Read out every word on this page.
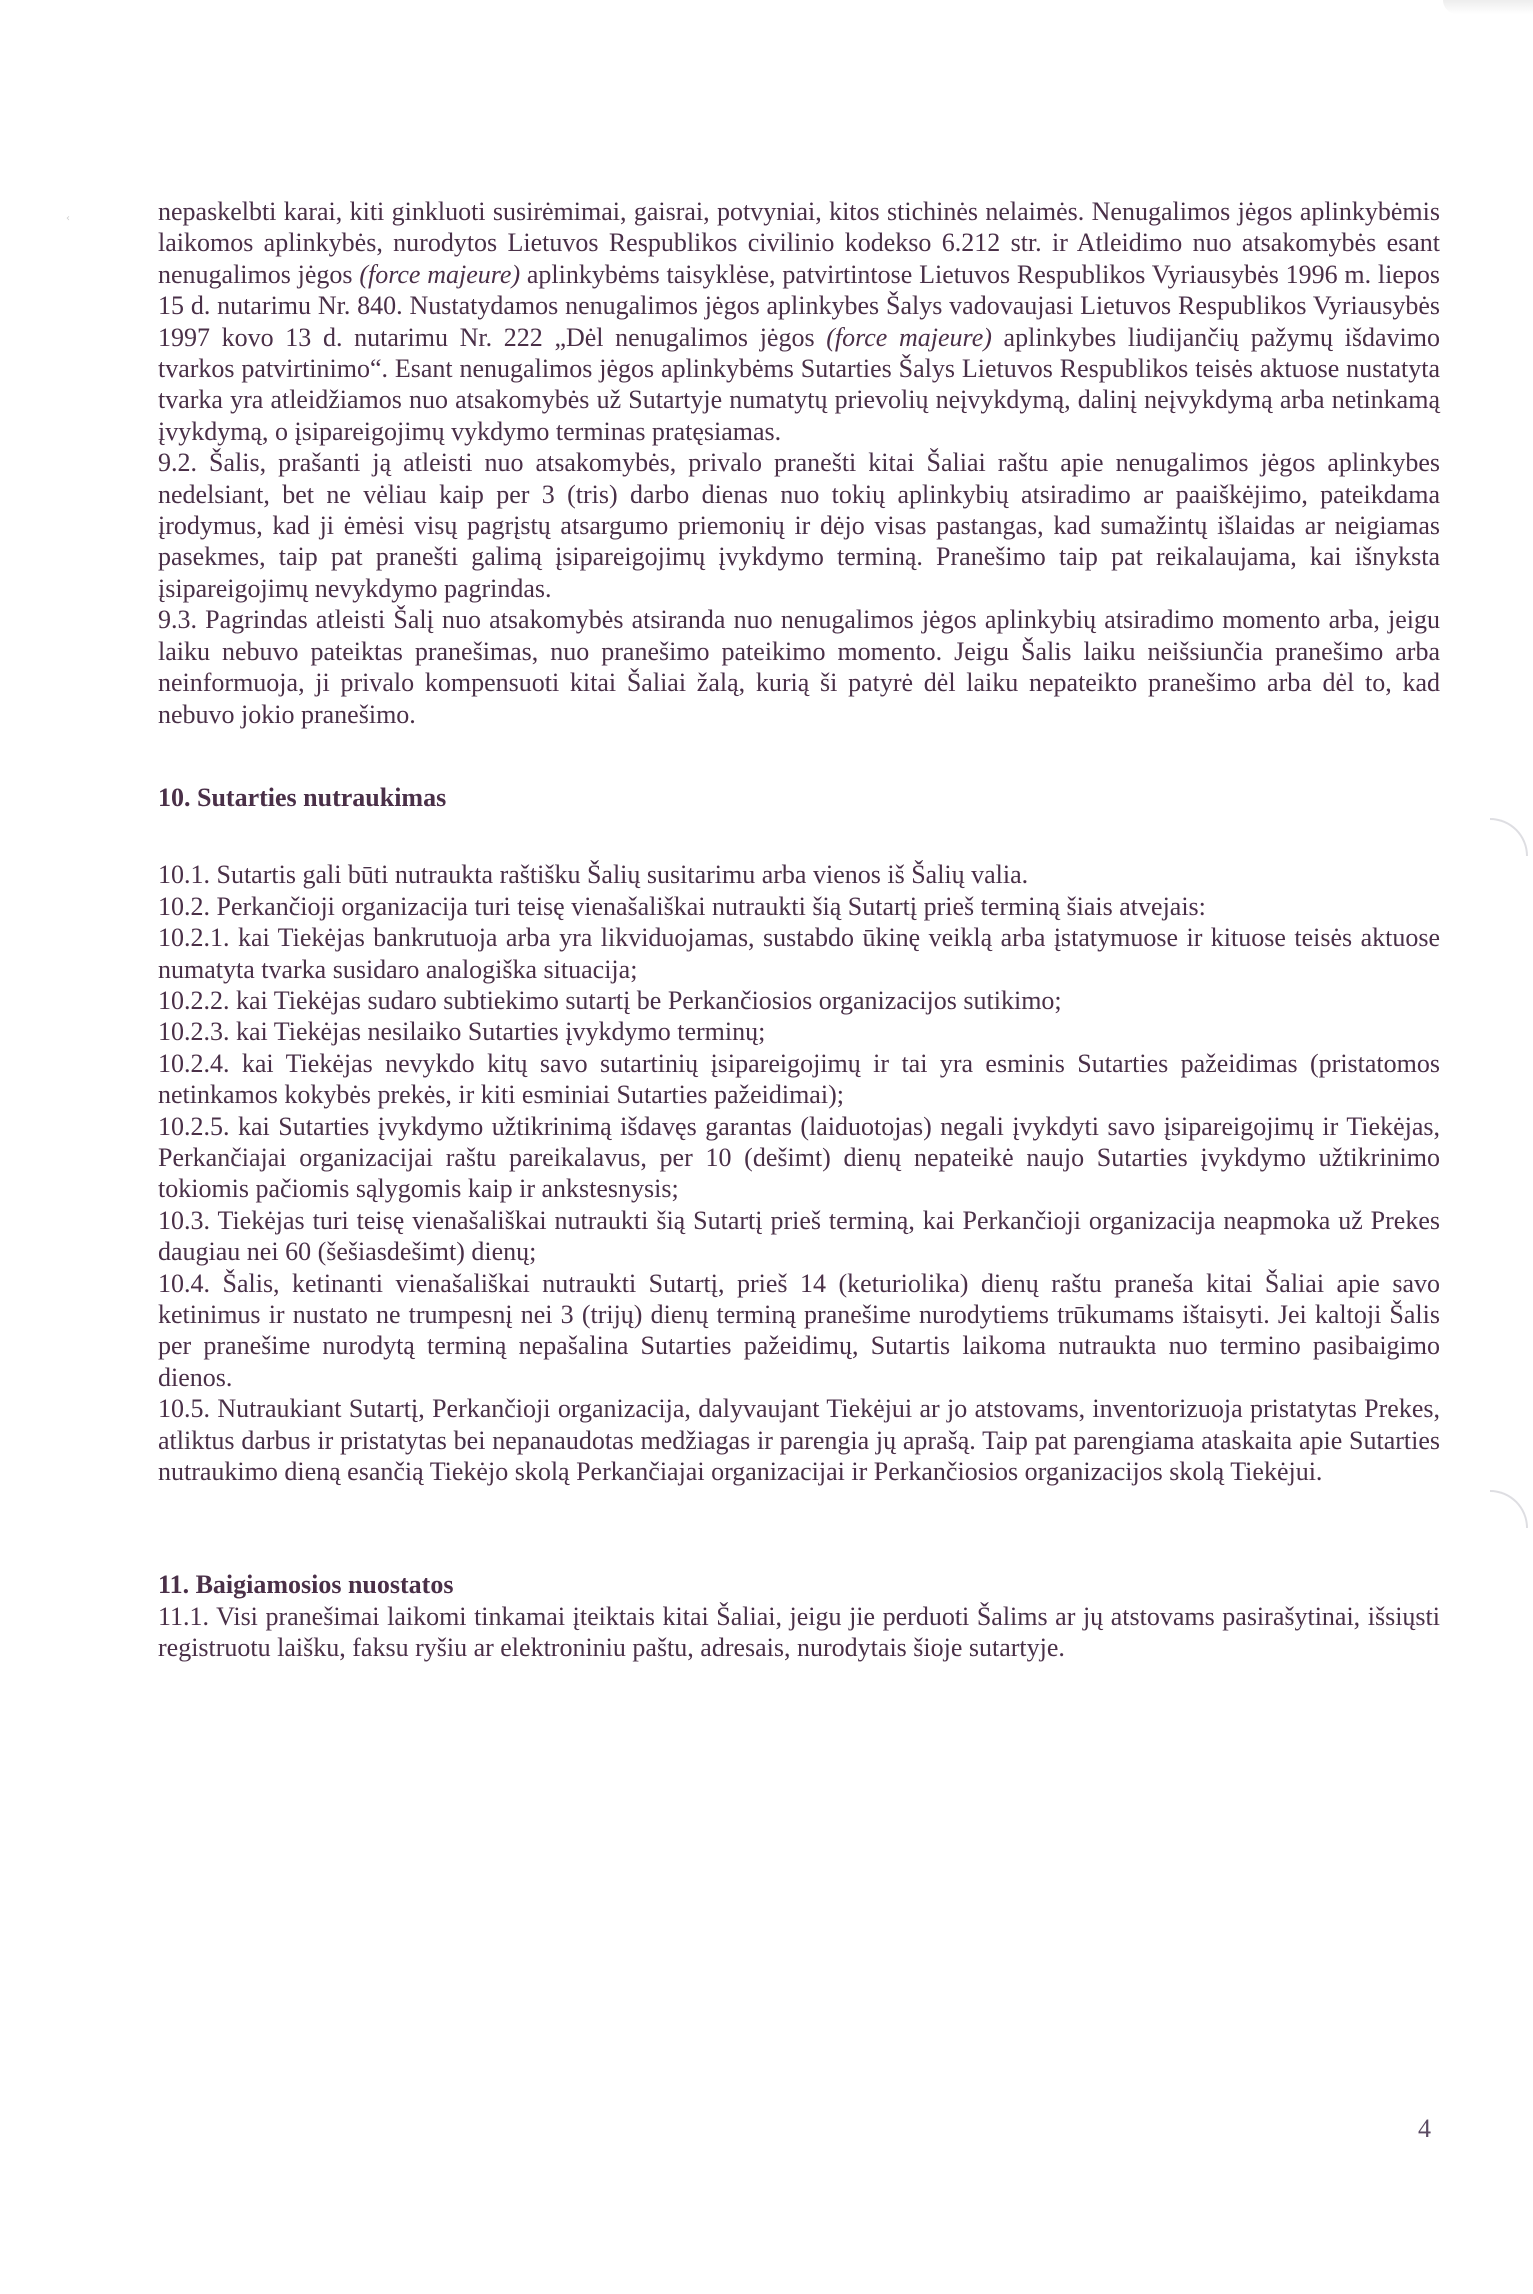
‹	nepaskelbti karai, kiti ginkluoti susirėmimai, gaisrai, potvyniai, kitos stichinės nelaimės. Nenugalimos jėgos aplinkybėmis laikomos aplinkybės, nurodytos Lietuvos Respublikos civilinio kodekso 6.212 str. ir Atleidimo nuo atsakomybės esant nenugalimos jėgos (force majeure) aplinkybėms taisyklėse, patvirtintose Lietuvos Respublikos Vyriausybės 1996 m. liepos 15 d. nutarimu Nr. 840. Nustatydamos nenugalimos jėgos aplinkybes Šalys vadovaujasi Lietuvos Respublikos Vyriausybės 1997 kovo 13 d. nutarimu Nr. 222 „Dėl nenugalimos jėgos (force majeure) aplinkybes liudijančių pažymų išdavimo tvarkos patvirtinimo“. Esant nenugalimos jėgos aplinkybėms Sutarties Šalys Lietuvos Respublikos teisės aktuose nustatyta tvarka yra atleidžiamos nuo atsakomybės už Sutartyje numatytų prievolių neįvykdymą, dalinį neįvykdymą arba netinkamą įvykdymą, o įsipareigojimų vykdymo terminas pratęsiamas.

9.2. Šalis, prašanti ją atleisti nuo atsakomybės, privalo pranešti kitai Šaliai raštu apie nenugalimos jėgos aplinkybes nedelsiant, bet ne vėliau kaip per 3 (tris) darbo dienas nuo tokių aplinkybių atsiradimo ar paaiškėjimo, pateikdama įrodymus, kad ji ėmėsi visų pagrįstų atsargumo priemonių ir dėjo visas pastangas, kad sumažintų išlaidas ar neigiamas pasekmes, taip pat pranešti galimą įsipareigojimų įvykdymo terminą. Pranešimo taip pat reikalaujama, kai išnyksta įsipareigojimų nevykdymo pagrindas.

9.3. Pagrindas atleisti Šalį nuo atsakomybės atsiranda nuo nenugalimos jėgos aplinkybių atsiradimo momento arba, jeigu laiku nebuvo pateiktas pranešimas, nuo pranešimo pateikimo momento. Jeigu Šalis laiku neišsiunčia pranešimo arba neinformuoja, ji privalo kompensuoti kitai Šaliai žalą, kurią ši patyrė dėl laiku nepateikto pranešimo arba dėl to, kad nebuvo jokio pranešimo.

10. Sutarties nutraukimas

10.1. Sutartis gali būti nutraukta raštišku Šalių susitarimu arba vienos iš Šalių valia.

10.2. Perkančioji organizacija turi teisę vienašališkai nutraukti šią Sutartį prieš terminą šiais atvejais:

10.2.1. kai Tiekėjas bankrutuoja arba yra likviduojamas, sustabdo ūkinę veiklą arba įstatymuose ir kituose teisės aktuose numatyta tvarka susidaro analogiška situacija;

10.2.2. kai Tiekėjas sudaro subtiekimo sutartį be Perkančiosios organizacijos sutikimo;

10.2.3. kai Tiekėjas nesilaiko Sutarties įvykdymo terminų;

10.2.4. kai Tiekėjas nevykdo kitų savo sutartinių įsipareigojimų ir tai yra esminis Sutarties pažeidimas (pristatomos netinkamos kokybės prekės, ir kiti esminiai Sutarties pažeidimai);

10.2.5. kai Sutarties įvykdymo užtikrinimą išdavęs garantas (laiduotojas) negali įvykdyti savo įsipareigojimų ir Tiekėjas, Perkančiajai organizacijai raštu pareikalavus, per 10 (dešimt) dienų nepateikė naujo Sutarties įvykdymo užtikrinimo tokiomis pačiomis sąlygomis kaip ir ankstesnysis;

10.3. Tiekėjas turi teisę vienašališkai nutraukti šią Sutartį prieš terminą, kai Perkančioji organizacija neapmoka už Prekes daugiau nei 60 (šešiasdešimt) dienų;

10.4. Šalis, ketinanti vienašališkai nutraukti Sutartį, prieš 14 (keturiolika) dienų raštu praneša kitai Šaliai apie savo ketinimus ir nustato ne trumpesnį nei 3 (trijų) dienų terminą pranešime nurodytiems trūkumams ištaisyti. Jei kaltoji Šalis per pranešime nurodytą terminą nepašalina Sutarties pažeidimų, Sutartis laikoma nutraukta nuo termino pasibaigimo dienos.

10.5. Nutraukiant Sutartį, Perkančioji organizacija, dalyvaujant Tiekėjui ar jo atstovams, inventorizuoja pristatytas Prekes, atliktus darbus ir pristatytas bei nepanaudotas medžiagas ir parengia jų aprašą. Taip pat parengiama ataskaita apie Sutarties nutraukimo dieną esančią Tiekėjo skolą Perkančiajai organizacijai ir Perkančiosios organizacijos skolą Tiekėjui.

11. Baigiamosios nuostatos

11.1. Visi pranešimai laikomi tinkamai įteiktais kitai Šaliai, jeigu jie perduoti Šalims ar jų atstovams pasirašytinai, išsiųsti registruotu laišku, faksu ryšiu ar elektroniniu paštu, adresais, nurodytais šioje sutartyje.

4
